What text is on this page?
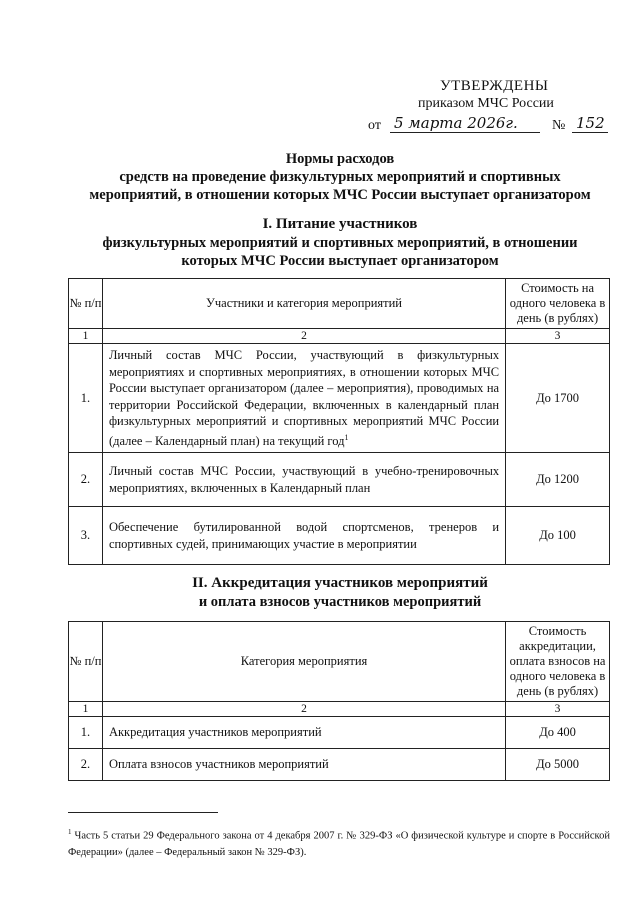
УТВЕРЖДЕНЫ
приказом МЧС России
от 5 марта 2026г. № 152
Нормы расходов
средств на проведение физкультурных мероприятий и спортивных
мероприятий, в отношении которых МЧС России выступает организатором
I. Питание участников
физкультурных мероприятий и спортивных мероприятий, в отношении
которых МЧС России выступает организатором
№ п/п	Участники и категория мероприятий	Стоимость на одного человека в день (в рублях)
1	2	3
1.	Личный состав МЧС России, участвующий в физкультурных мероприятиях и спортивных мероприятиях, в отношении которых МЧС России выступает организатором (далее – мероприятия), проводимых на территории Российской Федерации, включенных в календарный план физкультурных мероприятий и спортивных мероприятий МЧС России (далее – Календарный план) на текущий год$^1$	До 1700
2.	Личный состав МЧС России, участвующий в учебно-тренировочных мероприятиях, включенных в Календарный план	До 1200
3.	Обеспечение бутилированной водой спортсменов, тренеров и спортивных судей, принимающих участие в мероприятии	До 100
II. Аккредитация участников мероприятий
и оплата взносов участников мероприятий
№ п/п	Категория мероприятия	Стоимость аккредитации, оплата взносов на одного человека в день (в рублях)
1	2	3
1.	Аккредитация участников мероприятий	До 400
2.	Оплата взносов участников мероприятий	До 5000
$^1$ Часть 5 статьи 29 Федерального закона от 4 декабря 2007 г. № 329-ФЗ «О физической культуре и спорте в Российской Федерации» (далее – Федеральный закон № 329-ФЗ).
